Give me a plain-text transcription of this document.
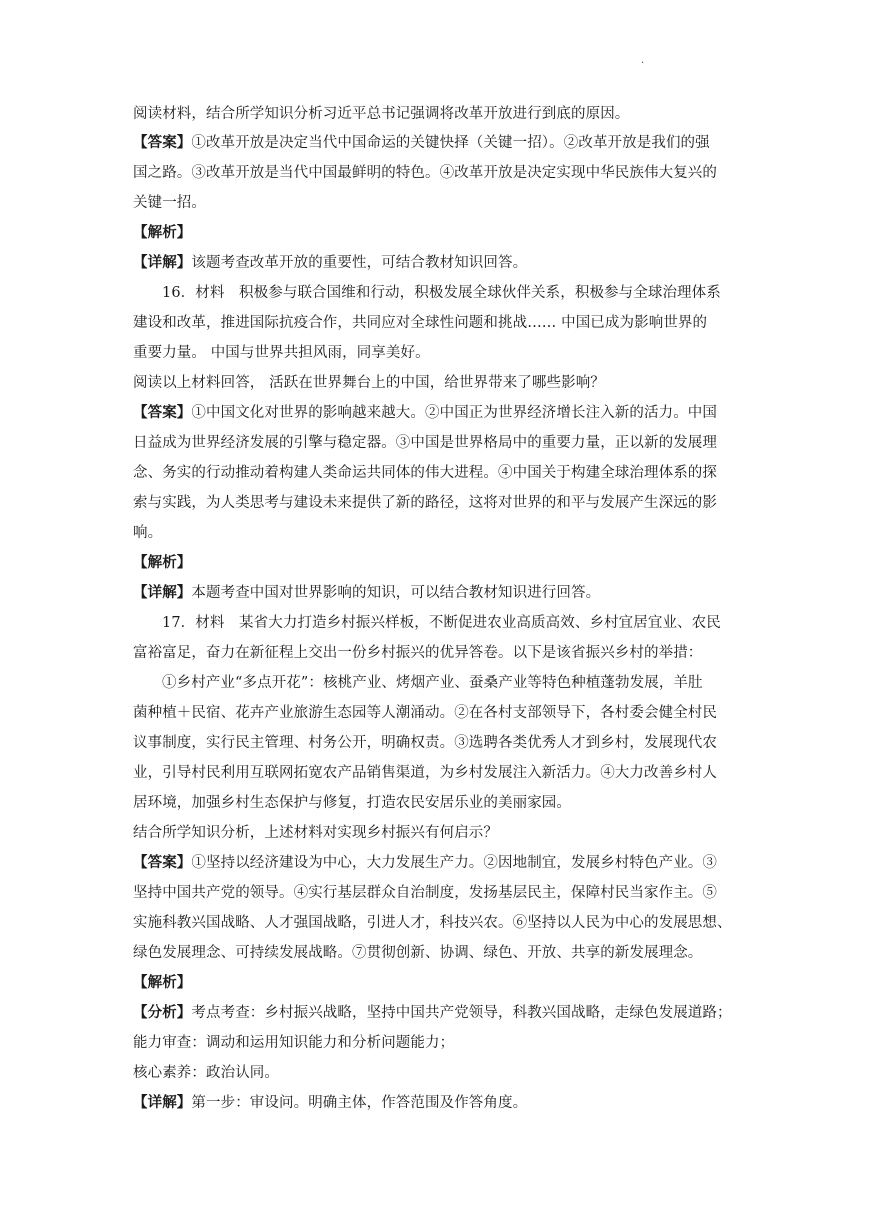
.
阅读材料，结合所学知识分析习近平总书记强调将改革开放进行到底的原因。
【答案】①改革开放是决定当代中国命运的关键快择（关键一招）。②改革开放是我们的强
国之路。③改革开放是当代中国最鲜明的特色。④改革开放是决定实现中华民族伟大复兴的
关键一招。
【解析】
【详解】该题考查改革开放的重要性，可结合教材知识回答。
16．材料　积极参与联合国维和行动，积极发展全球伙伴关系，积极参与全球治理体系
建设和改革，推进国际抗疫合作，共同应对全球性问题和挑战…… 中国已成为影响世界的
重要力量。 中国与世界共担风雨，同享美好。
阅读以上材料回答， 活跃在世界舞台上的中国，给世界带来了哪些影响？
【答案】①中国文化对世界的影响越来越大。②中国正为世界经济增长注入新的活力。中国
日益成为世界经济发展的引擎与稳定器。③中国是世界格局中的重要力量，正以新的发展理
念、务实的行动推动着构建人类命运共同体的伟大进程。④中国关于构建全球治理体系的探
索与实践，为人类思考与建设未来提供了新的路径，这将对世界的和平与发展产生深远的影
响。
【解析】
【详解】本题考查中国对世界影响的知识，可以结合教材知识进行回答。
17．材料　某省大力打造乡村振兴样板，不断促进农业高质高效、乡村宜居宜业、农民
富裕富足，奋力在新征程上交出一份乡村振兴的优异答卷。以下是该省振兴乡村的举措：
①乡村产业“多点开花”：核桃产业、烤烟产业、蚕桑产业等特色种植蓬勃发展，羊肚
菌种植＋民宿、花卉产业旅游生态园等人潮涌动。②在各村支部领导下，各村委会健全村民
议事制度，实行民主管理、村务公开，明确权责。③选聘各类优秀人才到乡村，发展现代农
业，引导村民利用互联网拓宽农产品销售渠道，为乡村发展注入新活力。④大力改善乡村人
居环境，加强乡村生态保护与修复，打造农民安居乐业的美丽家园。
结合所学知识分析，上述材料对实现乡村振兴有何启示？
【答案】①坚持以经济建设为中心，大力发展生产力。②因地制宜，发展乡村特色产业。③
坚持中国共产党的领导。④实行基层群众自治制度，发扬基层民主，保障村民当家作主。⑤
实施科教兴国战略、人才强国战略，引进人才，科技兴农。⑥坚持以人民为中心的发展思想、
绿色发展理念、可持续发展战略。⑦贯彻创新、协调、绿色、开放、共享的新发展理念。
【解析】
【分析】考点考查：乡村振兴战略，坚持中国共产党领导，科教兴国战略，走绿色发展道路；
能力审查：调动和运用知识能力和分析问题能力；
核心素养：政治认同。
【详解】第一步：审设问。明确主体，作答范围及作答角度。
